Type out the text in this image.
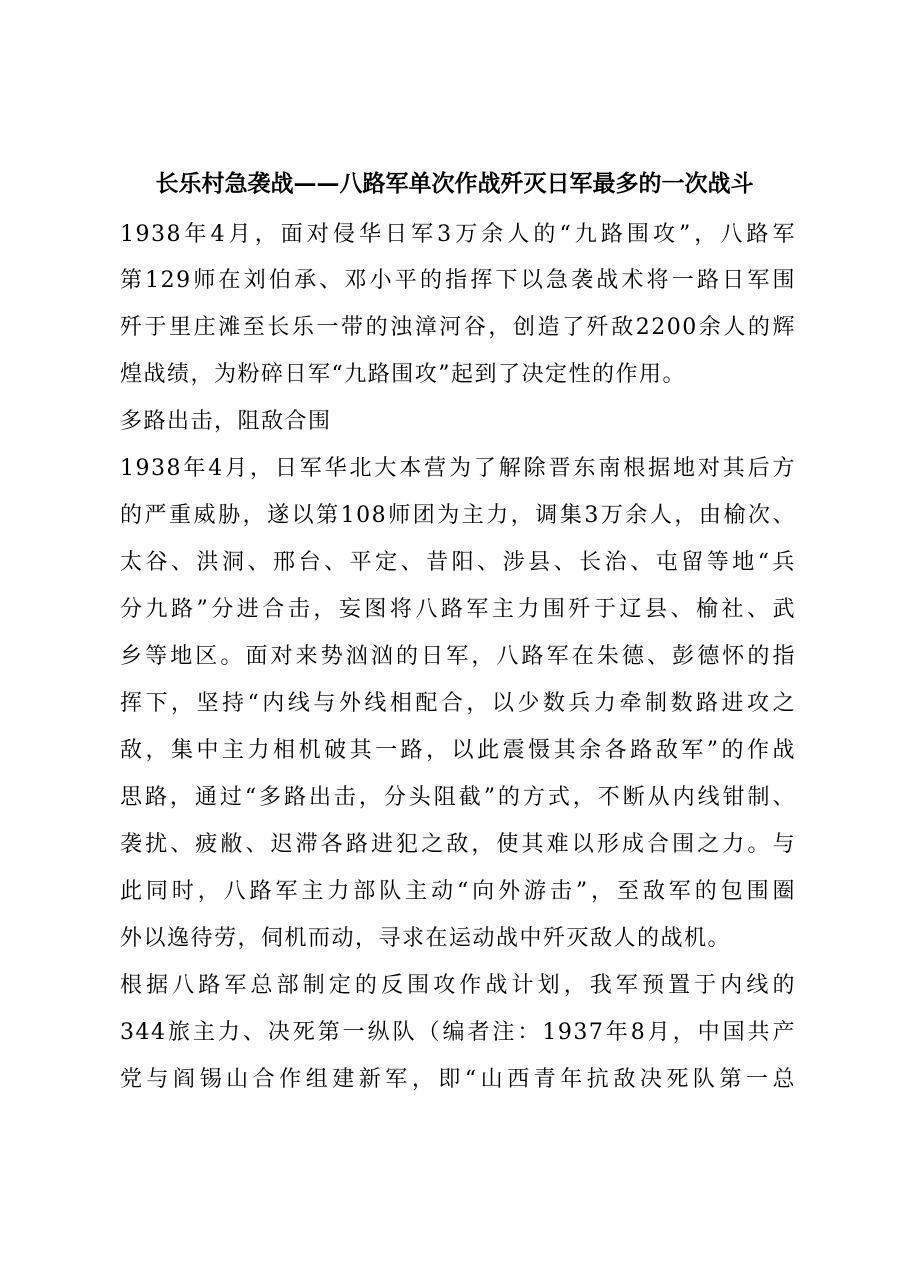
长乐村急袭战——八路军单次作战歼灭日军最多的一次战斗

1938年4月，面对侵华日军3万余人的“九路围攻”，八路军

第129师在刘伯承、邓小平的指挥下以急袭战术将一路日军围

歼于里庄滩至长乐一带的浊漳河谷，创造了歼敌2200余人的辉

煌战绩，为粉碎日军“九路围攻”起到了决定性的作用。

多路出击，阻敌合围

1938年4月，日军华北大本营为了解除晋东南根据地对其后方

的严重威胁，遂以第108师团为主力，调集3万余人，由榆次、

太谷、洪洞、邢台、平定、昔阳、涉县、长治、屯留等地“兵

分九路”分进合击，妄图将八路军主力围歼于辽县、榆社、武

乡等地区。面对来势汹汹的日军，八路军在朱德、彭德怀的指

挥下，坚持“内线与外线相配合，以少数兵力牵制数路进攻之

敌，集中主力相机破其一路，以此震慑其余各路敌军”的作战

思路，通过“多路出击，分头阻截”的方式，不断从内线钳制、

袭扰、疲敝、迟滞各路进犯之敌，使其难以形成合围之力。与

此同时，八路军主力部队主动“向外游击”，至敌军的包围圈

外以逸待劳，伺机而动，寻求在运动战中歼灭敌人的战机。

根据八路军总部制定的反围攻作战计划，我军预置于内线的

344旅主力、决死第一纵队（编者注：1937年8月，中国共产

党与阎锡山合作组建新军，即“山西青年抗敌决死队第一总
